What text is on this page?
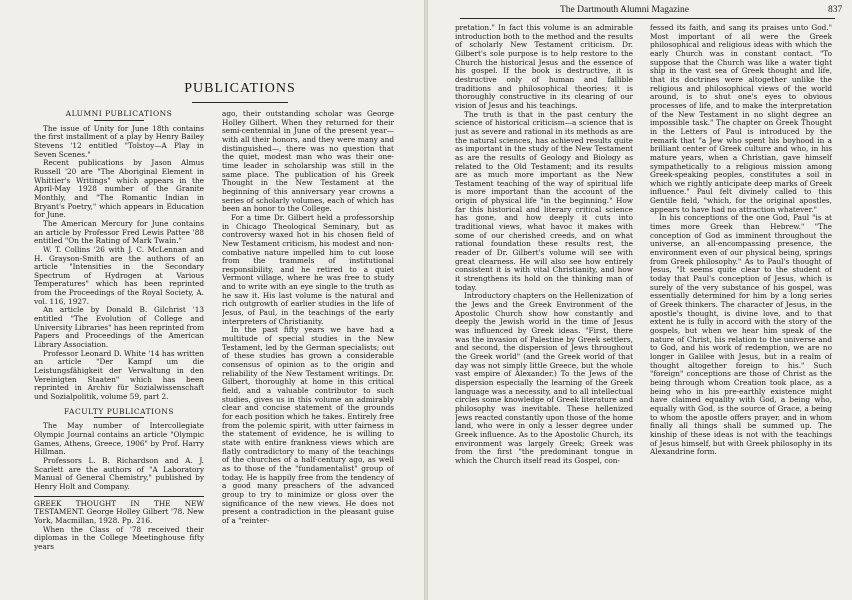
PUBLICATIONS
ALUMNI PUBLICATIONS

The issue of Unity for June 18th contains the first installment of a play by Henry Bailey Stevens '12 entitled "Tolstoy—A Play in Seven Scenes."

Recent publications by Jason Almus Russell '20 are "The Aboriginal Element in Whittier's Writings" which appears in the April-May 1928 number of the Granite Monthly, and "The Romantic Indian in Bryant's Poetry," which appears in Education for June.

The American Mercury for June contains an article by Professor Fred Lewis Pattee '88 entitled "On the Rating of Mark Twain."

W. T. Collins '26 with J. C. McLennan and H. Grayson-Smith are the authors of an article "Intensities in the Secondary Spectrum of Hydrogen at Various Temperatures" which has been reprinted from the Proceedings of the Royal Society, A. vol. 116, 1927.

An article by Donald B. Gilchrist '13 entitled "The Evolution of College and University Libraries" has been reprinted from Papers and Proceedings of the American Library Association.

Professor Leonard D. White '14 has written an article "Der Kampf um die Leistungsfähigkeit der Verwaltung in den Vereinigten Staaten" which has been reprinted in Archiv für Sozialwissenschaft und Sozialpolitik, volume 59, part 2.

FACULTY PUBLICATIONS

The May number of Intercollegiate Olympic Journal contains an article "Olympic Games, Athens, Greece, 1906" by Prof. Harry Hillman.

Professors L. B. Richardson and A. J. Scarlett are the authors of "A Laboratory Manual of General Chemistry," published by Henry Holt and Company.

GREEK THOUGHT IN THE NEW TESTAMENT. George Holley Gilbert '78. New York, Macmillan, 1928. Pp. 216.

When the Class of '78 received their diplomas in the College Meetinghouse fifty years

ago, their outstanding scholar was George Holley Gilbert. When they returned for their semi-centennial in June of the present year—with all their honors, and they were many and distinguished—, there was no question that the quiet, modest man who was their one-time leader in scholarship was still in the same place. The publication of his Greek Thought in the New Testament at the beginning of this anniversary year crowns a series of scholarly volumes, each of which has been an honor to the College.

For a time Dr. Gilbert held a professorship in Chicago Theological Seminary, but as controversy waxed hot in his chosen field of New Testament criticism, his modest and non-combative nature impelled him to cut loose from the trammels of institutional responsibility, and he retired to a quiet Vermont village, where he was free to study and to write with an eye single to the truth as he saw it. His last volume is the natural and rich outgrowth of earlier studies in the life of Jesus, of Paul, in the teachings of the early interpreters of Christianity.

In the past fifty years we have had a multitude of special studies in the New Testament, led by the German specialists; out of these studies has grown a considerable consensus of opinion as to the origin and reliability of the New Testament writings. Dr. Gilbert, thoroughly at home in this critical field, and a valuable contributor to such studies, gives us in this volume an admirably clear and concise statement of the grounds for each position which he takes. Entirely free from the polemic spirit, with utter fairness in the statement of evidence, he is willing to state with entire frankness views which are flatly contradictory to many of the teachings of the churches of a half-century ago, as well as to those of the "fundamentalist" group of today. He is happily free from the tendency of a good many preachers of the advanced group to try to minimize or gloss over the significance of the new views. He does not present a contradiction in the pleasant guise of a "reinter-

The Dartmouth Alumni Magazine	837

pretation." In fact this volume is an admirable introduction both to the method and the results of scholarly New Testament criticism. Dr. Gilbert's sole purpose is to help restore to the Church the historical Jesus and the essence of his gospel. If the book is destructive, it is destructive only of human and fallible traditions and philosophical theories; it is thoroughly constructive in its clearing of our vision of Jesus and his teachings.

The truth is that in the past century the science of historical criticism—a science that is just as severe and rational in its methods as are the natural sciences, has achieved results quite as important in the study of the New Testament as are the results of Geology and Biology as related to the Old Testament; and its results are as much more important as the New Testament teaching of the way of spiritual life is more important than the account of the origin of physical life "in the beginning." How far this historical and literary critical science has gone, and how deeply it cuts into traditional views, what havoc it makes with some of our cherished creeds, and on what rational foundation these results rest, the reader of Dr. Gilbert's volume will see with great clearness. He will also see how entirely consistent it is with vital Christianity, and how it strengthens its hold on the thinking man of today.

Introductory chapters on the Hellenization of the Jews and the Greek Environment of the Apostolic Church show how constantly and deeply the Jewish world in the time of Jesus was influenced by Greek ideas. "First, there was the invasion of Palestine by Greek settlers, and second, the dispersion of Jews throughout the Greek world" (and the Greek world of that day was not simply little Greece, but the whole vast empire of Alexander.) To the Jews of the dispersion especially the learning of the Greek language was a necessity, and to all intellectual circles some knowledge of Greek literature and philosophy was inevitable. These hellenized Jews reacted constantly upon those of the home land, who were in only a lesser degree under Greek influence. As to the Apostolic Church, its environment was largely Greek; Greek was from the first "the predominant tongue in which the Church itself read its Gospel, con-

fessed its faith, and sang its praises unto God." Most important of all were the Greek philosophical and religious ideas with which the early Church was in constant contact. "To suppose that the Church was like a water tight ship in the vast sea of Greek thought and life, that its doctrines were altogether unlike the religious and philosophical views of the world around, is to shut one's eyes to obvious processes of life, and to make the interpretation of the New Testament in no slight degree an impossible task." The chapter on Greek Thought in the Letters of Paul is introduced by the remark that "a Jew who spent his boyhood in a brilliant center of Greek culture and who, in his mature years, when a Christian, gave himself sympathetically to a religious mission among Greek-speaking peoples, constitutes a soil in which we rightly anticipate deep marks of Greek influence." Paul felt divinely called to this Gentile field, "which, for the original apostles, appears to have had no attraction whatever."

In his conceptions of the one God, Paul "is at times more Greek than Hebrew." "The conception of God as imminent throughout the universe, an all-encompassing presence, the environment even of our physical being, springs from Greek philosophy." As to Paul's thought of Jesus, "It seems quite clear to the student of today that Paul's conception of Jesus, which is surely of the very substance of his gospel, was essentially determined for him by a long series of Greek thinkers. The character of Jesus, in the apostle's thought, is divine love, and to that extent he is fully in accord with the story of the gospels, but when we hear him speak of the nature of Christ, his relation to the universe and to God, and his work of redemption, we are no longer in Galilee with Jesus, but in a realm of thought altogether foreign to his." Such "foreign" conceptions are those of Christ as the being through whom Creation took place, as a being who in his pre-earthly existence might have claimed equality with God, a being who, equally with God, is the source of Grace, a being to whom the apostle offers prayer, and in whom finally all things shall be summed up. The kinship of these ideas is not with the teachings of Jesus himself, but with Greek philosophy in its Alexandrine form.
